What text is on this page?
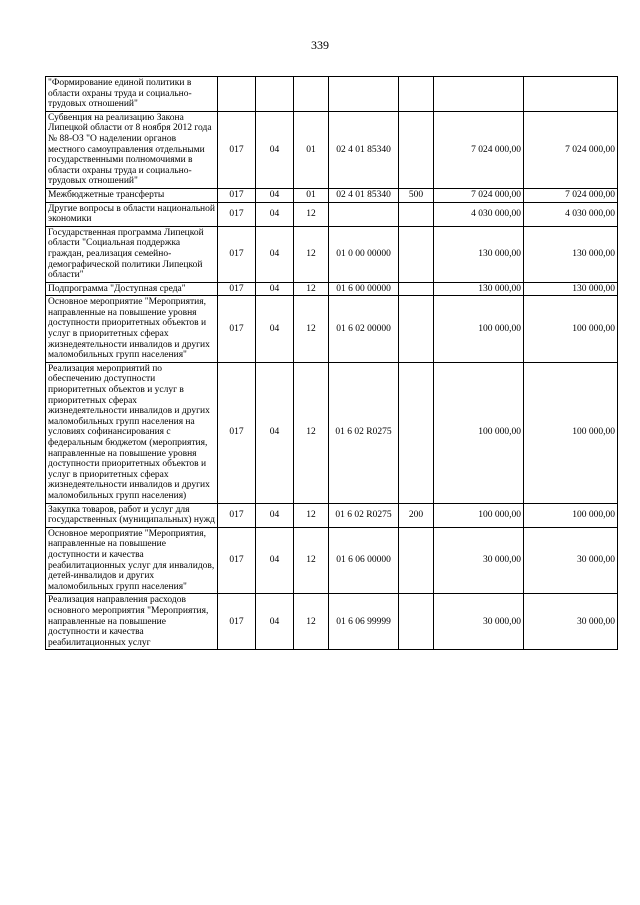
339
"Формирование единой политики в области охраны труда и социально-трудовых отношений"							
Субвенция на реализацию Закона Липецкой области от 8 ноября 2012 года № 88-ОЗ "О наделении органов местного самоуправления отдельными государственными полномочиями в области охраны труда и социально-трудовых отношений"	017	04	01	02 4 01 85340		7 024 000,00	7 024 000,00
Межбюджетные трансферты	017	04	01	02 4 01 85340	500	7 024 000,00	7 024 000,00
Другие вопросы в области национальной экономики	017	04	12			4 030 000,00	4 030 000,00
Государственная программа Липецкой области "Социальная поддержка граждан, реализация семейно-демографической политики Липецкой области"	017	04	12	01 0 00 00000		130 000,00	130 000,00
Подпрограмма "Доступная среда"	017	04	12	01 6 00 00000		130 000,00	130 000,00
Основное мероприятие "Мероприятия, направленные на повышение уровня доступности приоритетных объектов и услуг в приоритетных сферах жизнедеятельности инвалидов и других маломобильных групп населения"	017	04	12	01 6 02 00000		100 000,00	100 000,00
Реализация мероприятий по обеспечению доступности приоритетных объектов и услуг в приоритетных сферах жизнедеятельности инвалидов и других маломобильных групп населения на условиях софинансирования с федеральным бюджетом (мероприятия, направленные на повышение уровня доступности приоритетных объектов и услуг в приоритетных сферах жизнедеятельности инвалидов и других маломобильных групп населения)	017	04	12	01 6 02 R0275		100 000,00	100 000,00
Закупка товаров, работ и услуг для государственных (муниципальных) нужд	017	04	12	01 6 02 R0275	200	100 000,00	100 000,00
Основное мероприятие "Мероприятия, направленные на повышение доступности и качества реабилитационных услуг для инвалидов, детей-инвалидов и других маломобильных групп населения"	017	04	12	01 6 06 00000		30 000,00	30 000,00
Реализация направления расходов основного мероприятия "Мероприятия, направленные на повышение доступности и качества реабилитационных услуг	017	04	12	01 6 06 99999		30 000,00	30 000,00
